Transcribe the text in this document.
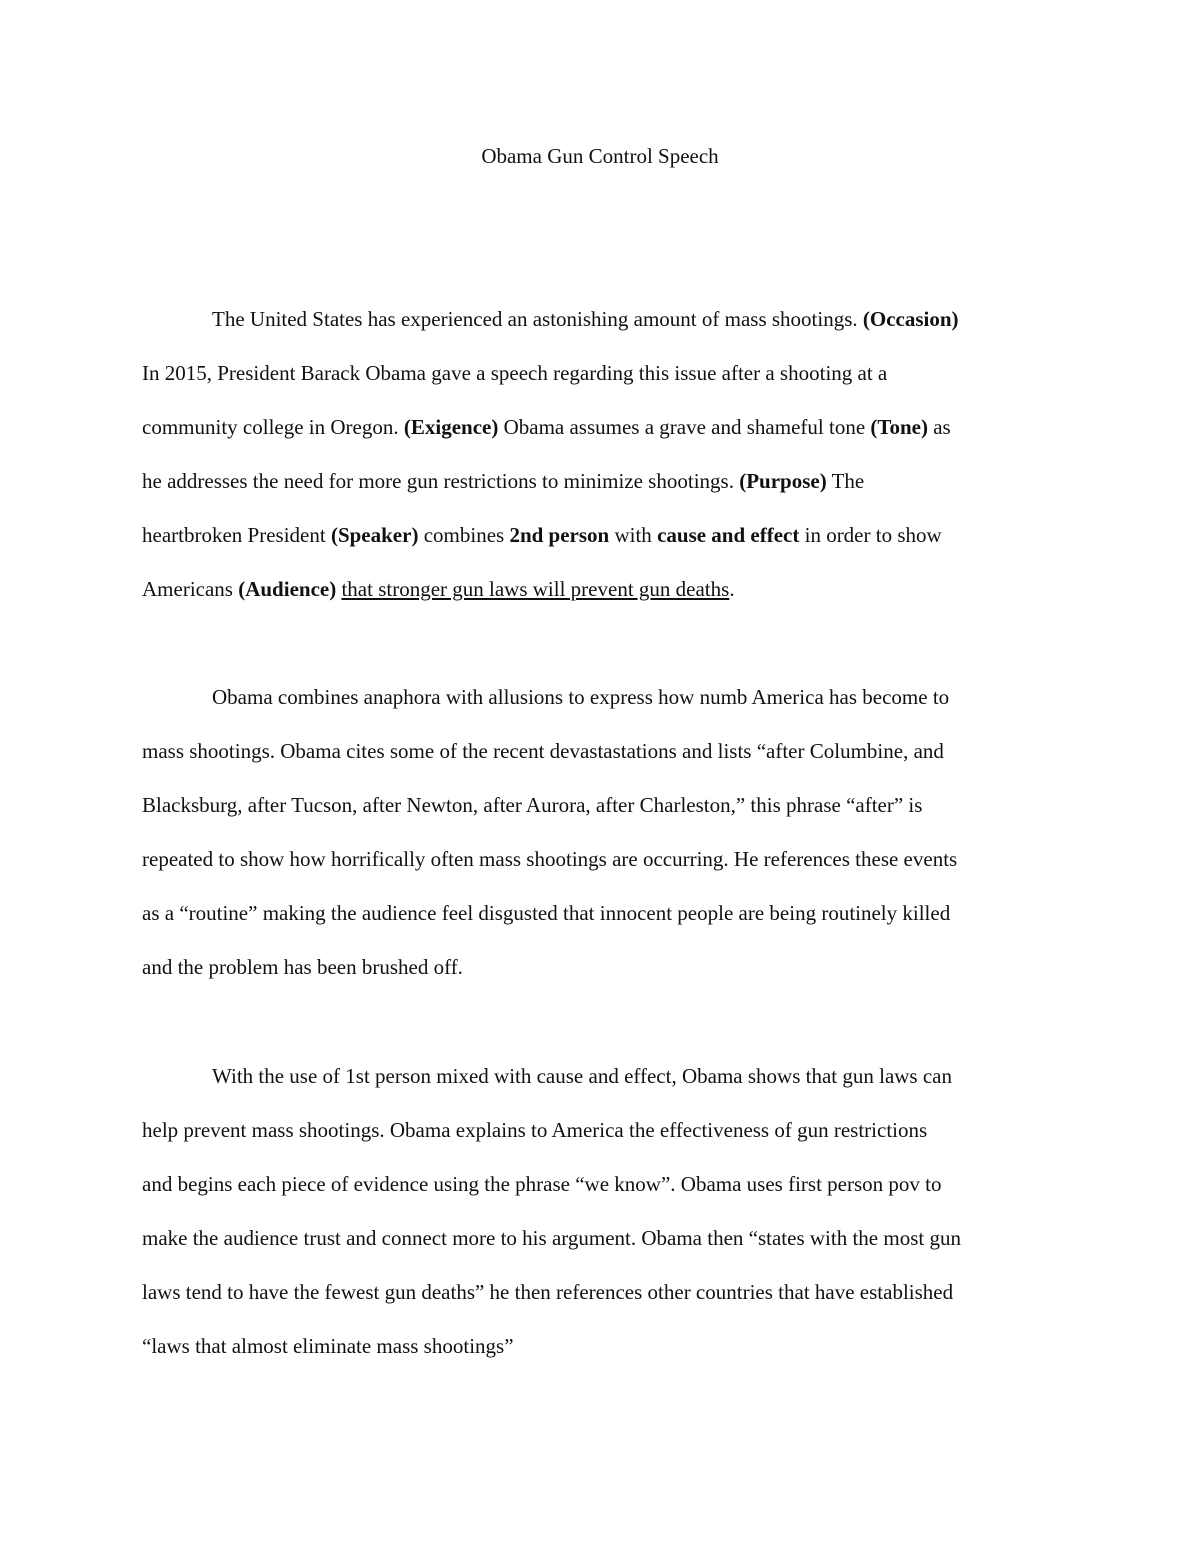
Obama Gun Control Speech
The United States has experienced an astonishing amount of mass shootings. (Occasion)
In 2015, President Barack Obama gave a speech regarding this issue after a shooting at a
community college in Oregon. (Exigence) Obama assumes a grave and shameful tone (Tone) as
he addresses the need for more gun restrictions to minimize shootings. (Purpose) The
heartbroken President (Speaker) combines 2nd person with cause and effect in order to show
Americans (Audience) that stronger gun laws will prevent gun deaths.
Obama combines anaphora with allusions to express how numb America has become to
mass shootings. Obama cites some of the recent devastastations and lists “after Columbine, and
Blacksburg, after Tucson, after Newton, after Aurora, after Charleston,” this phrase “after” is
repeated to show how horrifically often mass shootings are occurring. He references these events
as a “routine” making the audience feel disgusted that innocent people are being routinely killed
and the problem has been brushed off.
With the use of 1st person mixed with cause and effect, Obama shows that gun laws can
help prevent mass shootings. Obama explains to America the effectiveness of gun restrictions
and begins each piece of evidence using the phrase “we know”. Obama uses first person pov to
make the audience trust and connect more to his argument. Obama then “states with the most gun
laws tend to have the fewest gun deaths” he then references other countries that have established
“laws that almost eliminate mass shootings”
